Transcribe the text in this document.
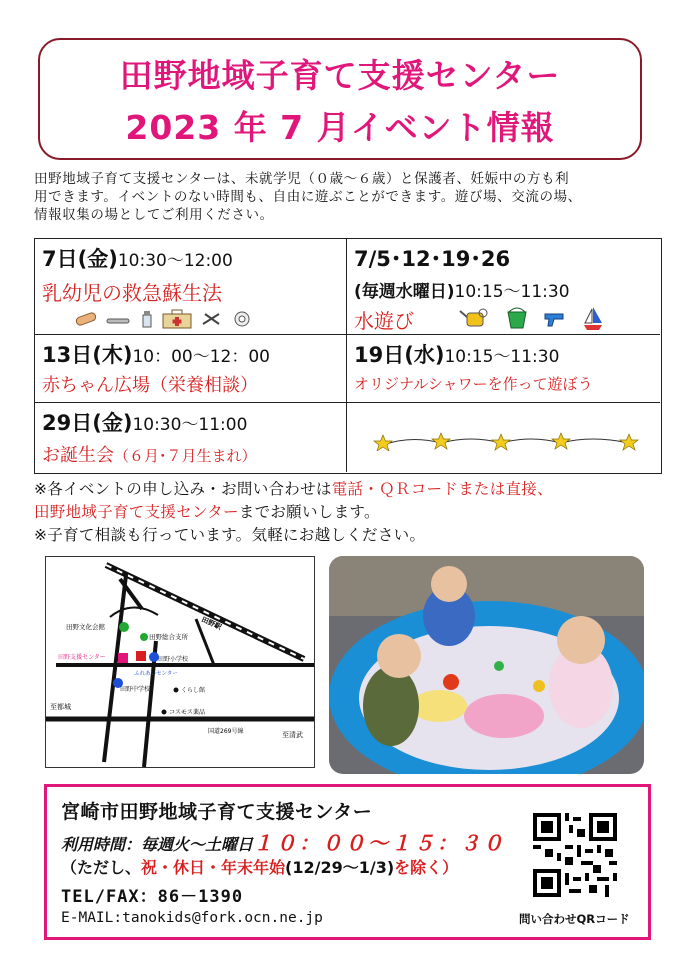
田野地域子育て支援センター
2023 年 7 月イベント情報
田野地域子育て支援センターは、未就学児（０歳～６歳）と保護者、妊娠中の方も利
用できます。イベントのない時間も、自由に遊ぶことができます。遊び場、交流の場、
情報収集の場としてご利用ください。
7日(金)10:30～12:00
乳幼児の救急蘇生法
7/5･12･19･26
(毎週水曜日)10:15～11:30
水遊び
13日(木)10：00～12：00
赤ちゃん広場（栄養相談）
19日(水)10:15～11:30
オリジナルシャワーを作って遊ぼう
29日(金)10:30～11:00
お誕生会（６月･７月生まれ）
※各イベントの申し込み・お問い合わせは電話・ＱＲコードまたは直接、
田野地域子育て支援センターまでお願いします。
※子育て相談も行っています。気軽にお越しください。
田野文化会館
田野総合支所
田野駅
田野支援センター	田野小学校
ふれあいセンター
田野中学校	くらし館
コスモス薬品
国道269号線
至都城
至清武
宮崎市田野地域子育て支援センター
利用時間：毎週火～土曜日１０：００～１５：３０
（ただし、祝・休日・年末年始(12/29～1/3)を除く）
TEL/FAX：86－1390
E-MAIL:tanokids@fork.ocn.ne.jp	問い合わせQRコード
